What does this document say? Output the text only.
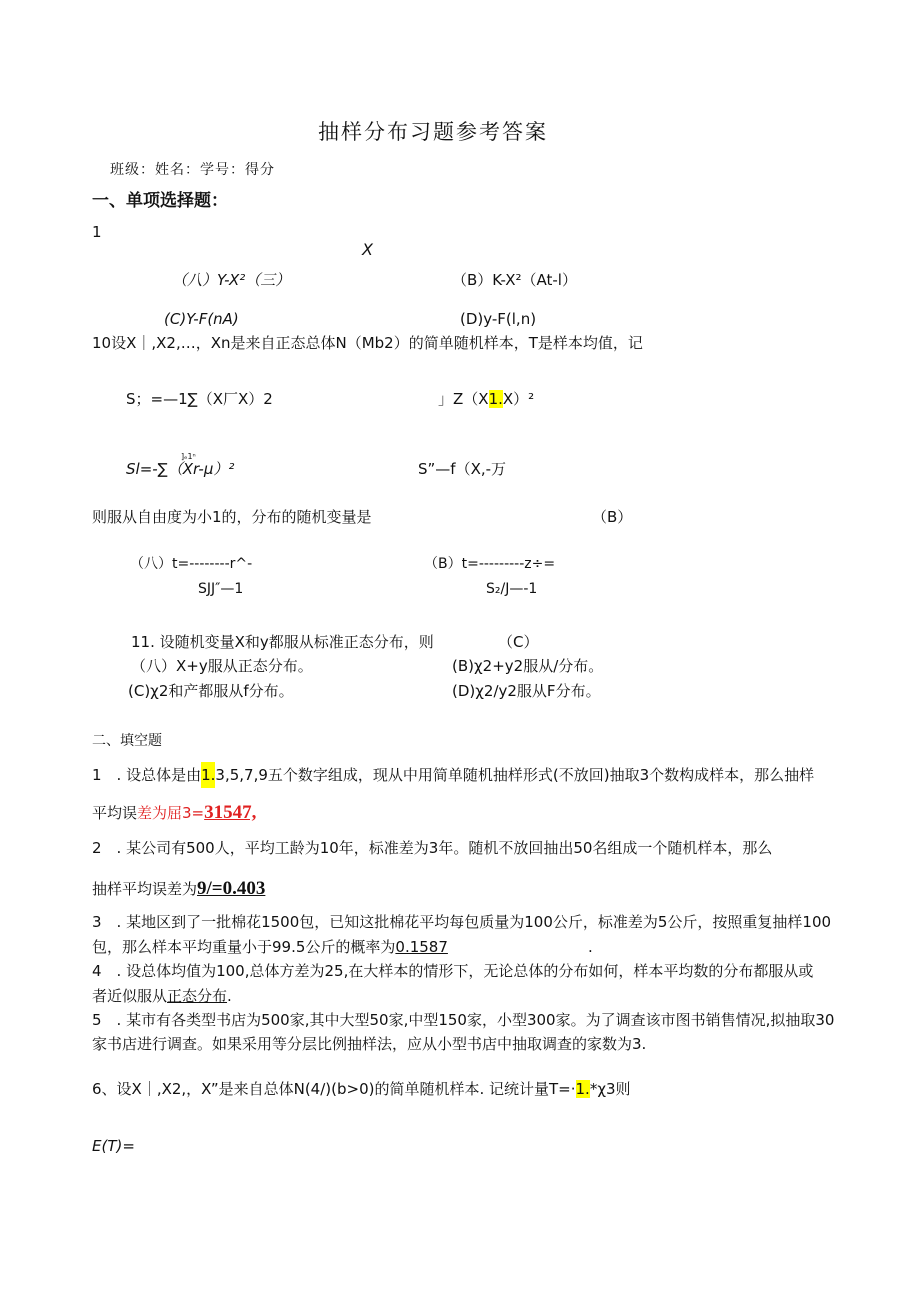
抽样分布习题参考答案
班级：姓名：学号：得分
一、单项选择题：
1
X
（八）Y-X²（三）	（B）K-X²（At-l）
(C)Y-F(nA)	(D)y-F(l,n)
10设X｜,X2,…，Xn是来自正态总体N（Mb2）的简单随机样本，T是样本均值，记
S；=—1∑（X厂X）2	」Z（X1.X）²
]ₑ1ⁿ
Sl=-∑（Xr-μ）²	S”—f（X,-万
则服从自由度为小1的，分布的随机变量是	（B）
（八）t=--------r^-
SJJ″—1
（B）t=---------z÷=
S₂/J—-1
11. 设随机变量X和y都服从标准正态分布，则	（C）
（八）X+y服从正态分布。	(B)χ2+y2服从/分布。
(C)χ2和产都服从f分布。	(D)χ2∕y2服从F分布。
二、填空题
1　. 设总体是由1.3,5,7,9五个数字组成，现从中用简单随机抽样形式(不放回)抽取3个数构成样本，那么抽样
平均误差为屈3=31547,
2　. 某公司有500人，平均工龄为10年，标准差为3年。随机不放回抽出50名组成一个随机样本，那么
抽样平均误差为9/=0.403
3　. 某地区到了一批棉花1500包，已知这批棉花平均每包质量为100公斤，标准差为5公斤，按照重复抽样100
包，那么样本平均重量小于99.5公斤的概率为0.1587	.
4　. 设总体均值为100,总体方差为25,在大样本的情形下，无论总体的分布如何，样本平均数的分布都服从或
者近似服从正态分布.
5　. 某市有各类型书店为500家,其中大型50家,中型150家，小型300家。为了调查该市图书销售情况,拟抽取30
家书店进行调查。如果采用等分层比例抽样法，应从小型书店中抽取调查的家数为3.
6、设X｜,X2,，X”是来自总体N(4∕)(b>0)的简单随机样本. 记统计量T=·1.*χ3则
E(T)=
